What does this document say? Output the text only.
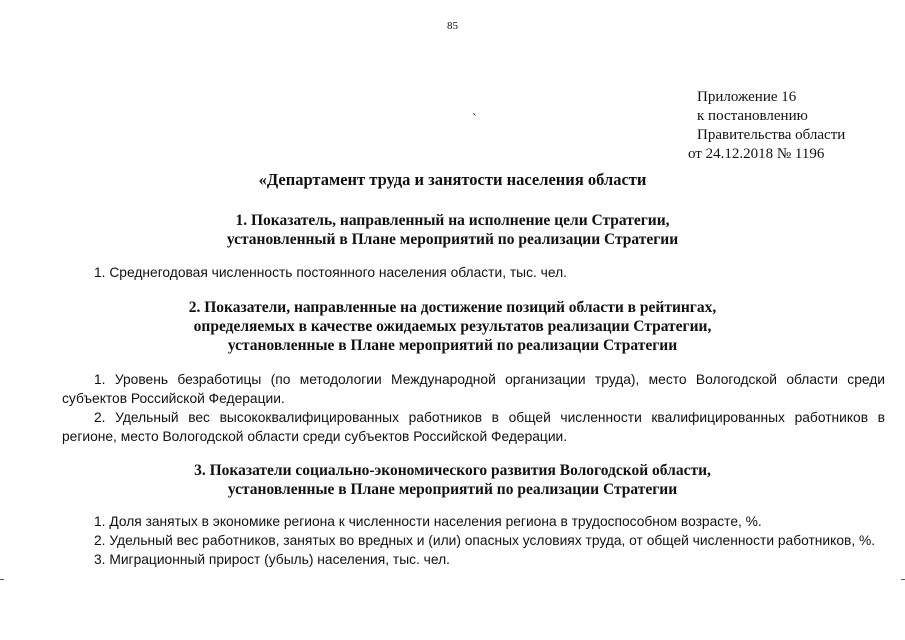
85
˴
Приложение 16
к постановлению
Правительства области
от 24.12.2018 № 1196
«Департамент труда и занятости населения области
1. Показатель, направленный на исполнение цели Стратегии,
установленный в Плане мероприятий по реализации Стратегии

1. Среднегодовая численность постоянного населения области, тыс. чел.

2. Показатели, направленные на достижение позиций области в рейтингах,
определяемых в качестве ожидаемых результатов реализации Стратегии,
установленные в Плане мероприятий по реализации Стратегии

1. Уровень безработицы (по методологии Международной организации труда), место Вологодской области среди субъектов Российской Федерации.

2. Удельный вес высококвалифицированных работников в общей численности квалифицированных работников в регионе, место Вологодской области среди субъектов Российской Федерации.

3. Показатели социально-экономического развития Вологодской области,
установленные в Плане мероприятий по реализации Стратегии

1. Доля занятых в экономике региона к численности населения региона в трудоспособном возрасте, %.

2. Удельный вес работников, занятых во вредных и (или) опасных условиях труда, от общей численности работников, %.

3. Миграционный прирост (убыль) населения, тыс. чел.
